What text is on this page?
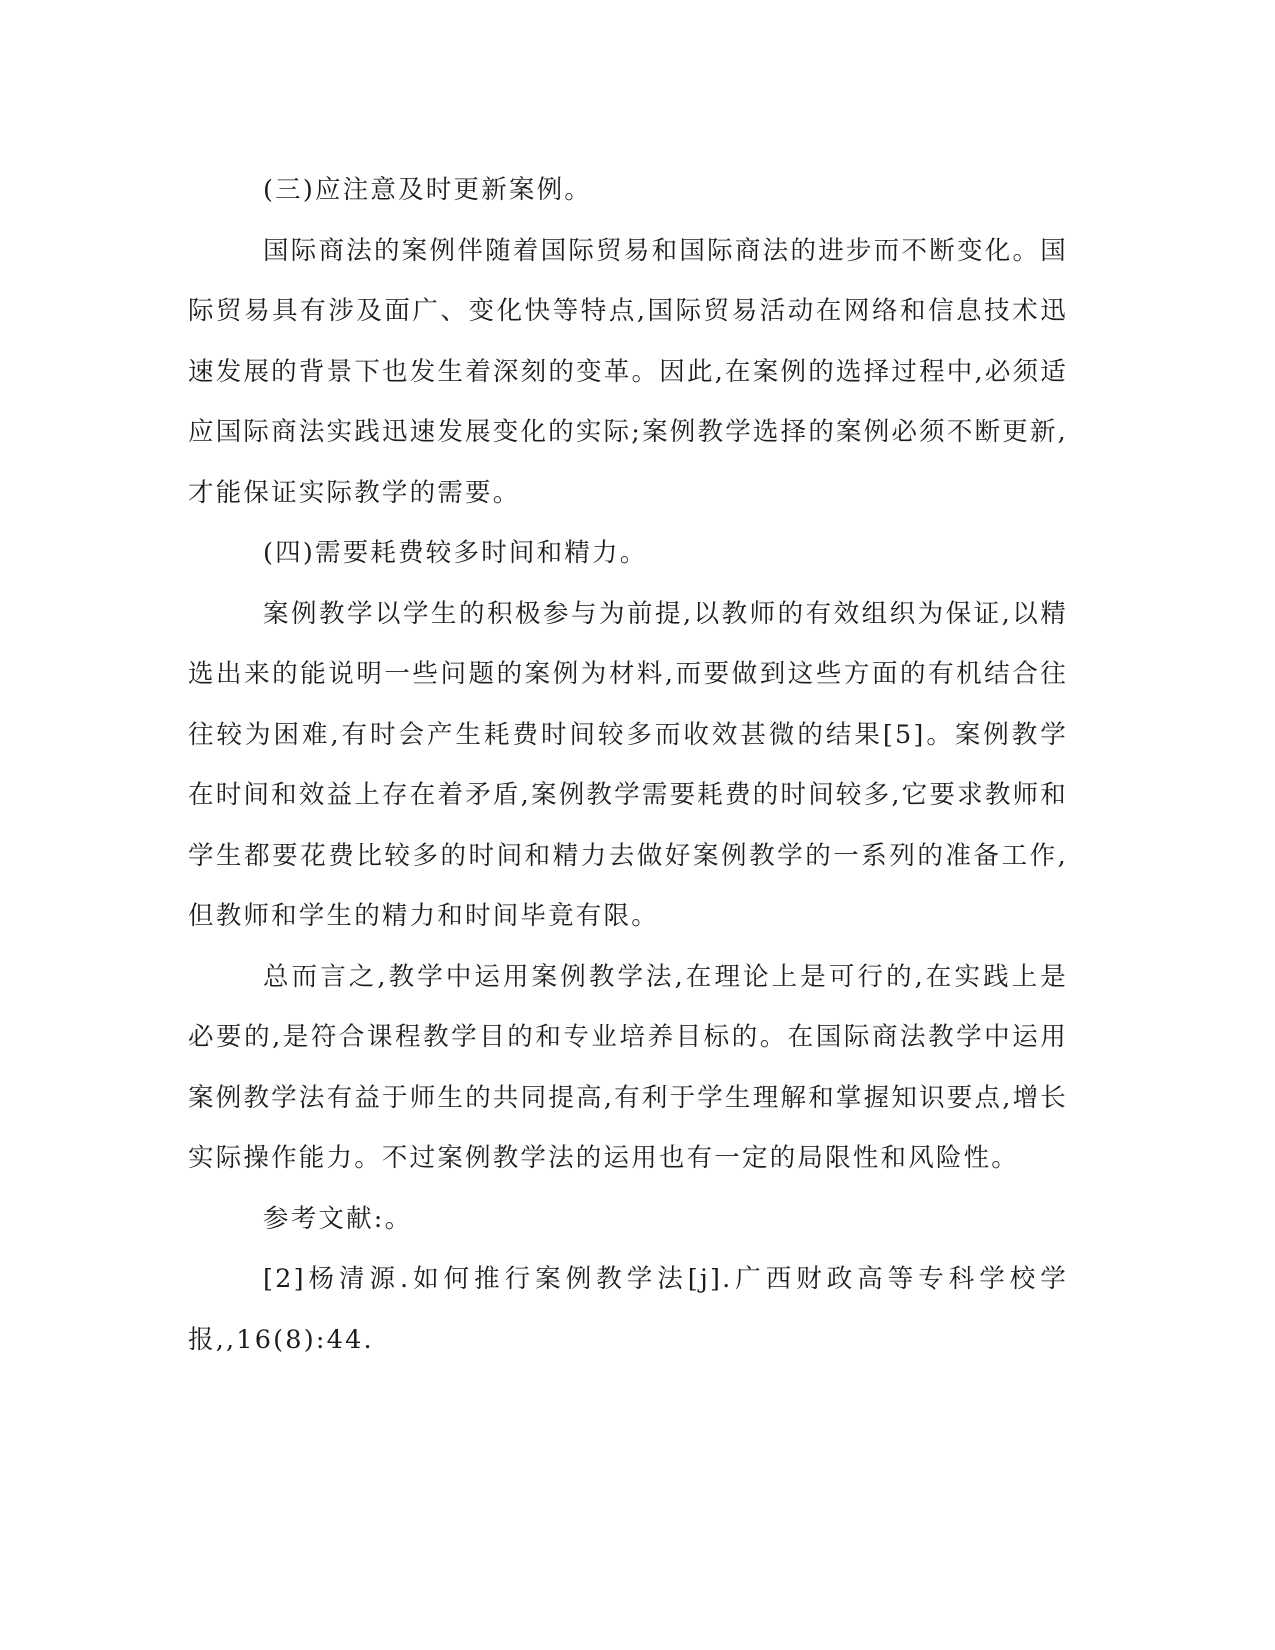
(三)应注意及时更新案例。

国际商法的案例伴随着国际贸易和国际商法的进步而不断变化。国际贸易具有涉及面广、变化快等特点,国际贸易活动在网络和信息技术迅速发展的背景下也发生着深刻的变革。因此,在案例的选择过程中,必须适应国际商法实践迅速发展变化的实际;案例教学选择的案例必须不断更新,才能保证实际教学的需要。

(四)需要耗费较多时间和精力。

案例教学以学生的积极参与为前提,以教师的有效组织为保证,以精选出来的能说明一些问题的案例为材料,而要做到这些方面的有机结合往往较为困难,有时会产生耗费时间较多而收效甚微的结果[5]。案例教学在时间和效益上存在着矛盾,案例教学需要耗费的时间较多,它要求教师和学生都要花费比较多的时间和精力去做好案例教学的一系列的准备工作,但教师和学生的精力和时间毕竟有限。

总而言之,教学中运用案例教学法,在理论上是可行的,在实践上是必要的,是符合课程教学目的和专业培养目标的。在国际商法教学中运用案例教学法有益于师生的共同提高,有利于学生理解和掌握知识要点,增长实际操作能力。不过案例教学法的运用也有一定的局限性和风险性。

参考文献:。

[2]杨清源.如何推行案例教学法[j].广西财政高等专科学校学报,,16(8):44.
